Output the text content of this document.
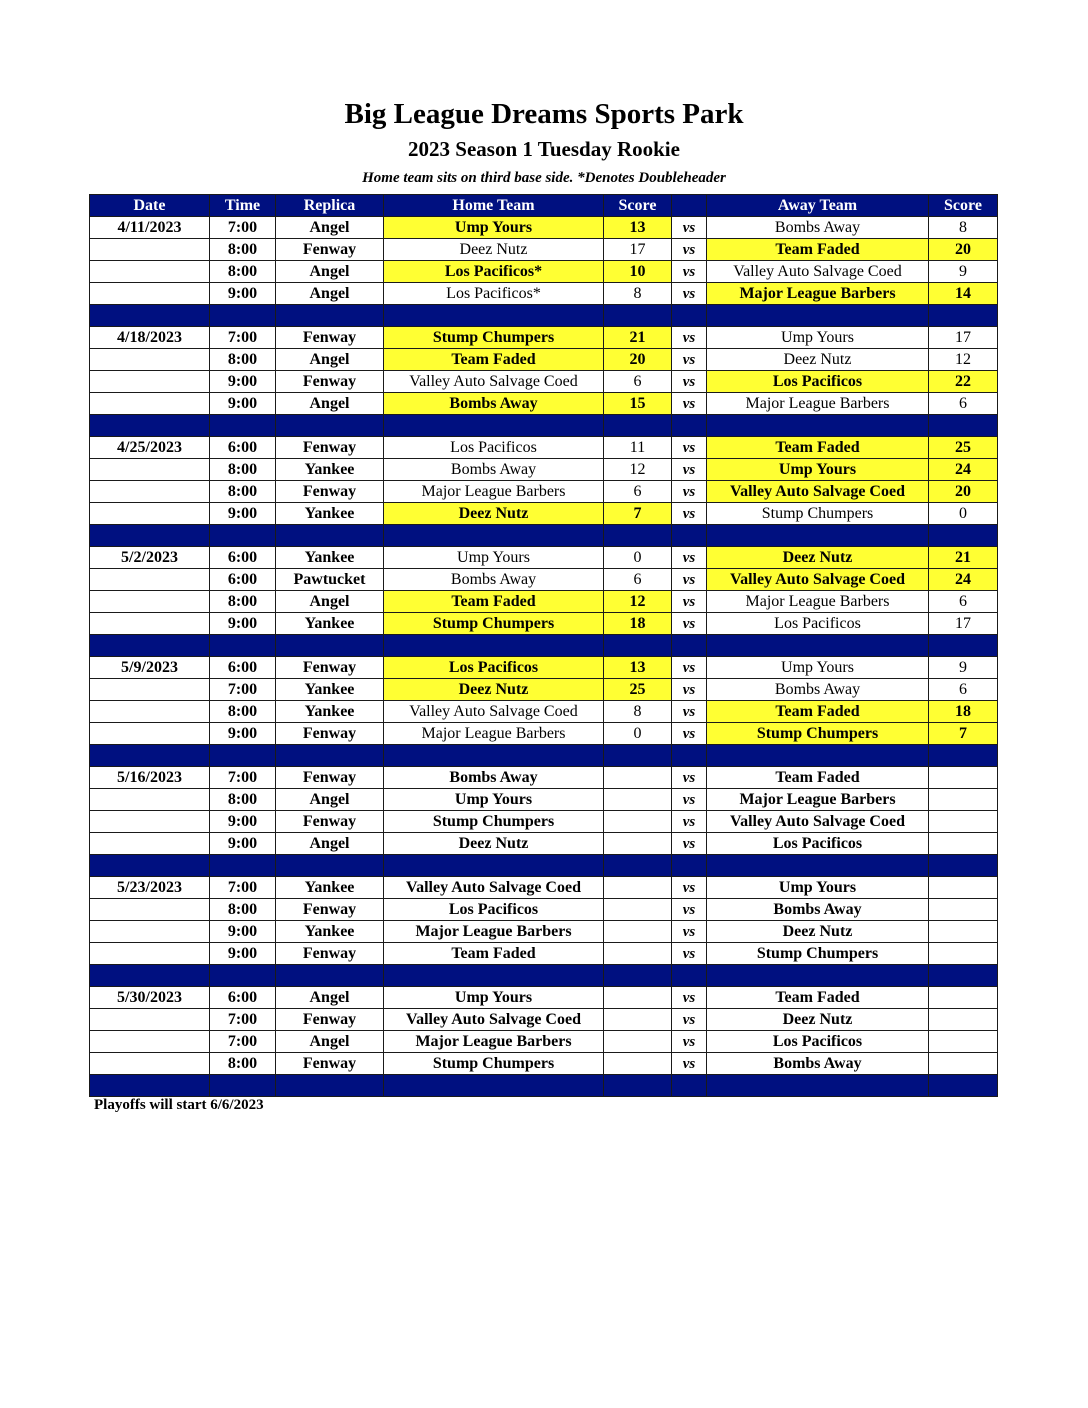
Big League Dreams Sports Park
2023 Season 1 Tuesday Rookie
Home team sits on third base side. *Denotes Doubleheader
Date	Time	Replica	Home Team	Score		Away Team	Score
4/11/2023	7:00	Angel	Ump Yours	13	vs	Bombs Away	8
	8:00	Fenway	Deez Nutz	17	vs	Team Faded	20
	8:00	Angel	Los Pacificos*	10	vs	Valley Auto Salvage Coed	9
	9:00	Angel	Los Pacificos*	8	vs	Major League Barbers	14

4/18/2023	7:00	Fenway	Stump Chumpers	21	vs	Ump Yours	17
	8:00	Angel	Team Faded	20	vs	Deez Nutz	12
	9:00	Fenway	Valley Auto Salvage Coed	6	vs	Los Pacificos	22
	9:00	Angel	Bombs Away	15	vs	Major League Barbers	6

4/25/2023	6:00	Fenway	Los Pacificos	11	vs	Team Faded	25
	8:00	Yankee	Bombs Away	12	vs	Ump Yours	24
	8:00	Fenway	Major League Barbers	6	vs	Valley Auto Salvage Coed	20
	9:00	Yankee	Deez Nutz	7	vs	Stump Chumpers	0

5/2/2023	6:00	Yankee	Ump Yours	0	vs	Deez Nutz	21
	6:00	Pawtucket	Bombs Away	6	vs	Valley Auto Salvage Coed	24
	8:00	Angel	Team Faded	12	vs	Major League Barbers	6
	9:00	Yankee	Stump Chumpers	18	vs	Los Pacificos	17

5/9/2023	6:00	Fenway	Los Pacificos	13	vs	Ump Yours	9
	7:00	Yankee	Deez Nutz	25	vs	Bombs Away	6
	8:00	Yankee	Valley Auto Salvage Coed	8	vs	Team Faded	18
	9:00	Fenway	Major League Barbers	0	vs	Stump Chumpers	7

5/16/2023	7:00	Fenway	Bombs Away		vs	Team Faded	
	8:00	Angel	Ump Yours		vs	Major League Barbers	
	9:00	Fenway	Stump Chumpers		vs	Valley Auto Salvage Coed	
	9:00	Angel	Deez Nutz		vs	Los Pacificos	

5/23/2023	7:00	Yankee	Valley Auto Salvage Coed		vs	Ump Yours	
	8:00	Fenway	Los Pacificos		vs	Bombs Away	
	9:00	Yankee	Major League Barbers		vs	Deez Nutz	
	9:00	Fenway	Team Faded		vs	Stump Chumpers	

5/30/2023	6:00	Angel	Ump Yours		vs	Team Faded	
	7:00	Fenway	Valley Auto Salvage Coed		vs	Deez Nutz	
	7:00	Angel	Major League Barbers		vs	Los Pacificos	
	8:00	Fenway	Stump Chumpers		vs	Bombs Away	

Playoffs will start 6/6/2023
